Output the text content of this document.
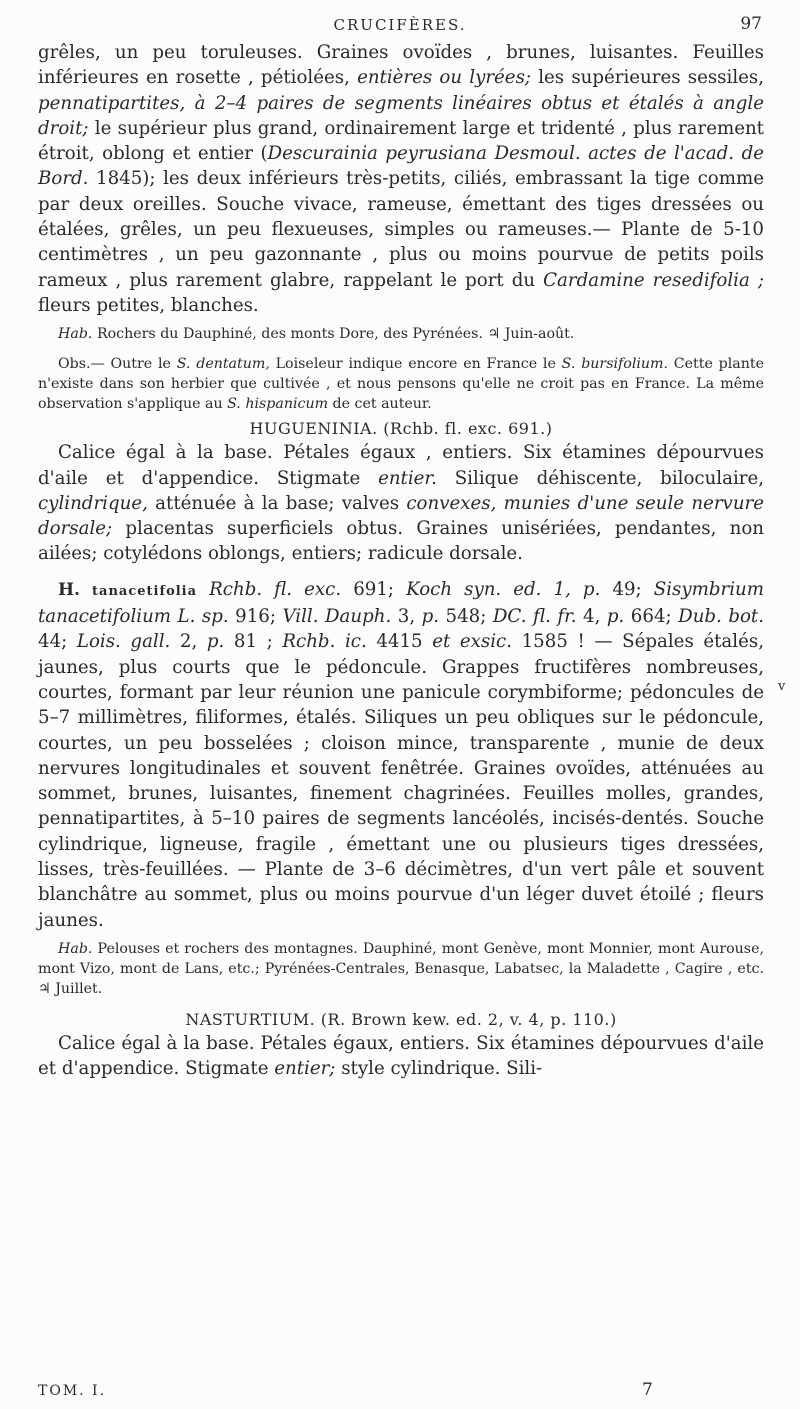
CRUCIFÈRES.	97

grêles, un peu toruleuses. Graines ovoïdes , brunes, luisantes. Feuilles inférieures en rosette , pétiolées, entières ou lyrées; les supérieures sessiles, pennatipartites, à 2–4 paires de segments linéaires obtus et étalés à angle droit; le supérieur plus grand, ordinairement large et tridenté , plus rarement étroit, oblong et entier (Descurainia peyrusiana Desmoul. actes de l'acad. de Bord. 1845); les deux inférieurs très-petits, ciliés, embrassant la tige comme par deux oreilles. Souche vivace, rameuse, émettant des tiges dressées ou étalées, grêles, un peu flexueuses, simples ou rameuses.— Plante de 5-10 centimètres , un peu gazonnante , plus ou moins pourvue de petits poils rameux , plus rarement glabre, rappelant le port du Cardamine resedifolia ; fleurs petites, blanches.

Hab. Rochers du Dauphiné, des monts Dore, des Pyrénées. ♃ Juin-août.

Obs.— Outre le S. dentatum, Loiseleur indique encore en France le S. bursifolium. Cette plante n'existe dans son herbier que cultivée , et nous pensons qu'elle ne croit pas en France. La même observation s'applique au S. hispanicum de cet auteur.

HUGUENINIA. (Rchb. fl. exc. 691.)

Calice égal à la base. Pétales égaux , entiers. Six étamines dépourvues d'aile et d'appendice. Stigmate entier. Silique déhiscente, biloculaire, cylindrique, atténuée à la base; valves convexes, munies d'une seule nervure dorsale; placentas superficiels obtus. Graines unisériées, pendantes, non ailées; cotylédons oblongs, entiers; radicule dorsale.

H. tanacetifolia Rchb. fl. exc. 691; Koch syn. ed. 1, p. 49; Sisymbrium tanacetifolium L. sp. 916; Vill. Dauph. 3, p. 548; DC. fl. fr. 4, p. 664; Dub. bot. 44; Lois. gall. 2, p. 81 ; Rchb. ic. 4415 et exsic. 1585 ! — Sépales étalés, jaunes, plus courts que le pédoncule. Grappes fructifères nombreuses, courtes, formant par leur réunion une panicule corymbiforme; pédoncules de 5–7 millimètres, filiformes, étalés. Siliques un peu obliques sur le pédoncule, courtes, un peu bosselées ; cloison mince, transparente , munie de deux nervures longitudinales et souvent fenêtrée. Graines ovoïdes, atténuées au sommet, brunes, luisantes, finement chagrinées. Feuilles molles, grandes, pennatipartites, à 5–10 paires de segments lancéolés, incisés-dentés. Souche cylindrique, ligneuse, fragile , émettant une ou plusieurs tiges dressées, lisses, très-feuillées. — Plante de 3–6 décimètres, d'un vert pâle et souvent blanchâtre au sommet, plus ou moins pourvue d'un léger duvet étoilé ; fleurs jaunes.

Hab. Pelouses et rochers des montagnes. Dauphiné, mont Genève, mont Monnier, mont Aurouse, mont Vizo, mont de Lans, etc.; Pyrénées-Centrales, Benasque, Labatsec, la Maladette , Cagire , etc. ♃ Juillet.

NASTURTIUM. (R. Brown kew. ed. 2, v. 4, p. 110.)

Calice égal à la base. Pétales égaux, entiers. Six étamines dépourvues d'aile et d'appendice. Stigmate entier; style cylindrique. Sili-

v
TOM. I.	7
